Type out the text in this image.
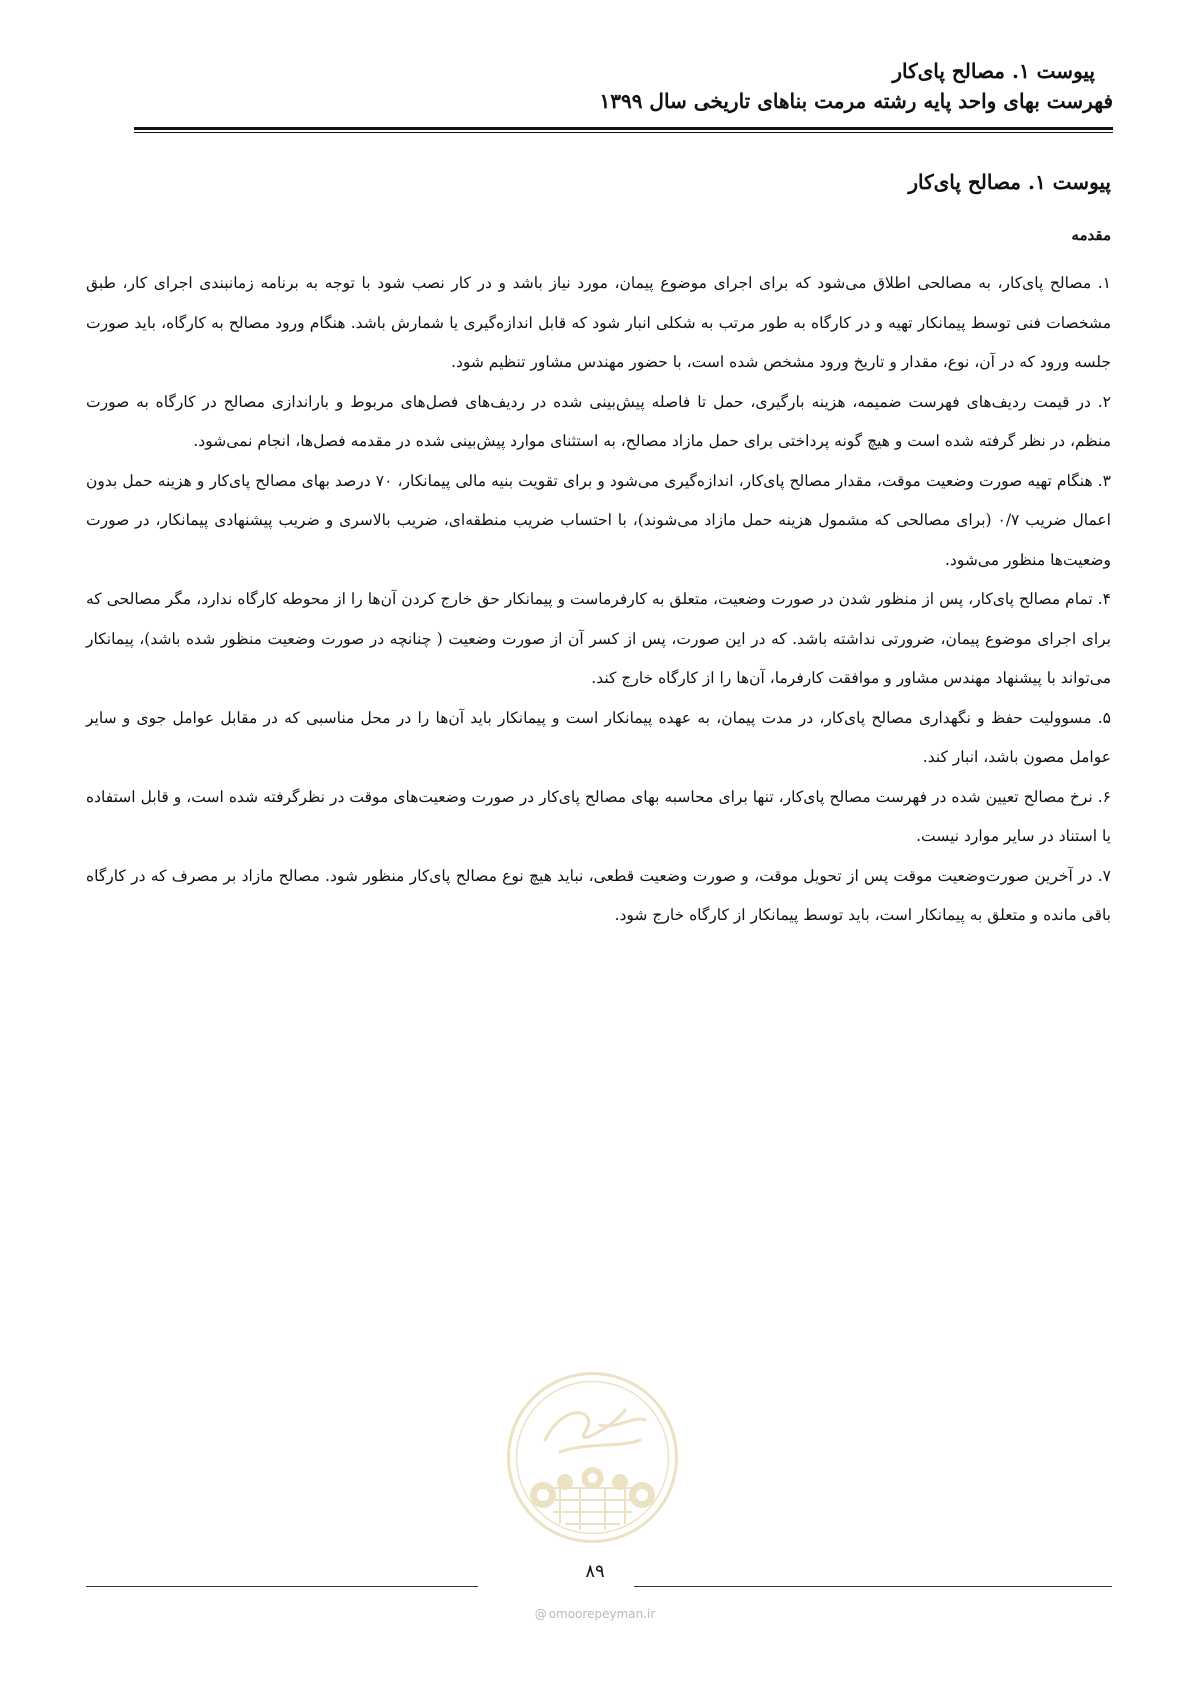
پیوست ۱. مصالح پای‌کار
فهرست بهای واحد پایه رشته مرمت بناهای تاریخی سال ۱۳۹۹
پیوست ۱. مصالح پای‌کار
مقدمه

۱. مصالح پای‌کار، به مصالحی اطلاق می‌شود که برای اجرای موضوع پیمان، مورد نیاز باشد و در کار نصب شود با توجه به برنامه زمانبندی اجرای کار، طبق مشخصات فنی توسط پیمانکار تهیه و در کارگاه به طور مرتب به شکلی انبار شود که قابل اندازه‌گیری یا شمارش باشد. هنگام ورود مصالح به کارگاه، باید صورت جلسه ورود که در آن، نوع، مقدار و تاریخ ورود مشخص شده است، با حضور مهندس مشاور تنظیم شود.

۲. در قیمت ردیف‌های فهرست ضمیمه، هزینه بارگیری، حمل تا فاصله پیش‌بینی شده در ردیف‌های فصل‌های مربوط و باراندازی مصالح در کارگاه به صورت منظم، در نظر گرفته شده است و هیچ گونه پرداختی برای حمل مازاد مصالح، به استثنای موارد پیش‌بینی شده در مقدمه فصل‌ها، انجام نمی‌شود.

۳. هنگام تهیه صورت وضعیت موقت، مقدار مصالح پای‌کار، اندازه‌گیری می‌شود و برای تقویت بنیه مالی پیمانکار، ۷۰ درصد بهای مصالح پای‌کار و هزینه حمل بدون اعمال ضریب ۰/۷ (برای مصالحی که مشمول هزینه حمل مازاد می‌شوند)، با احتساب ضریب منطقه‌ای، ضریب بالاسری و ضریب پیشنهادی پیمانکار، در صورت وضعیت‌ها منظور می‌شود.

۴. تمام مصالح پای‌کار، پس از منظور شدن در صورت وضعیت، متعلق به کارفرماست و پیمانکار حق خارج کردن آن‌ها را از محوطه کارگاه ندارد، مگر مصالحی که برای اجرای موضوع پیمان، ضرورتی نداشته باشد. که در این صورت، پس از کسر آن از صورت وضعیت ( چنانچه در صورت وضعیت منظور شده باشد)، پیمانکار می‌تواند با پیشنهاد مهندس مشاور و موافقت کارفرما، آن‌ها را از کارگاه خارج کند.

۵. مسوولیت حفظ و نگهداری مصالح پای‌کار، در مدت پیمان، به عهده پیمانکار است و پیمانکار باید آن‌ها را در محل مناسبی که در مقابل عوامل جوی و سایر عوامل مصون باشد، انبار کند.

۶. نرخ مصالح تعیین شده در فهرست مصالح پای‌کار، تنها برای محاسبه بهای مصالح پای‌کار در صورت وضعیت‌های موقت در نظرگرفته شده است، و قابل استفاده یا استناد در سایر موارد نیست.

۷. در آخرین صورت‌وضعیت موقت پس از تحویل موقت، و صورت وضعیت قطعی، نباید هیچ نوع مصالح پای‌کار منظور شود. مصالح مازاد بر مصرف که در کارگاه باقی مانده و متعلق به پیمانکار است، باید توسط پیمانکار از کارگاه خارج شود.

۸۹
@ omoorepeyman.ir
